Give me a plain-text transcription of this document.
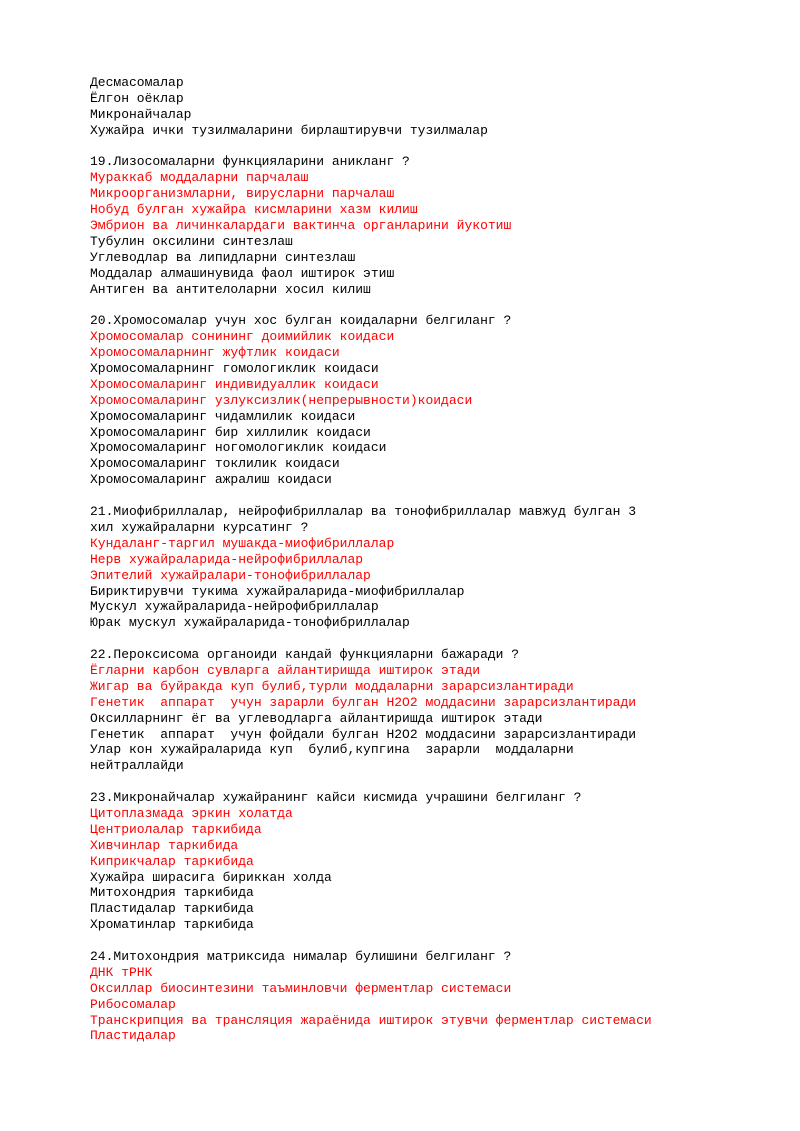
Десмасомалар
Ёлгон оёклар
Микронайчалар
Хужайра ички тузилмаларини бирлаштирувчи тузилмалар
19.Лизосомаларни функцияларини аникланг ?
Мураккаб моддаларни парчалаш
Микроорганизмларни, вирусларни парчалаш
Нобуд булган хужайра кисмларини хазм килиш
Эмбрион ва личинкалардаги вактинча органларини йукотиш
Тубулин оксилини синтезлаш
Углеводлар ва липидларни синтезлаш
Моддалар алмашинувида фаол иштирок этиш
Антиген ва антителоларни хосил килиш
20.Хромосомалар учун хос булган коидаларни белгиланг ?
Хромосомалар сонининг доимийлик коидаси
Хромосомаларнинг жуфтлик коидаси
Хромосомаларнинг гомологиклик коидаси
Хромосомаларинг индивидуаллик коидаси
Хромосомаларинг узлуксизлик(непрерывности)коидаси
Хромосомаларинг чидамлилик коидаси
Хромосомаларинг бир хиллилик коидаси
Хромосомаларинг ногомологиклик коидаси
Хромосомаларинг токлилик коидаси
Хромосомаларинг ажралиш коидаси
21.Миофибриллалар, нейрофибриллалар ва тонофибриллалар мавжуд булган 3
хил хужайраларни курсатинг ?
Кундаланг-таргил мушакда-миофибриллалар
Нерв хужайраларида-нейрофибриллалар
Эпителий хужайралари-тонофибриллалар
Бириктирувчи тукима хужайраларида-миофибриллалар
Мускул хужайраларида-нейрофибриллалар
Юрак мускул хужайраларида-тонофибриллалар
22.Пероксисома органоиди кандай функцияларни бажаради ?
Ёгларни карбон сувларга айлантиришда иштирок этади
Жигар ва буйракда куп булиб,турли моддаларни зарарсизлантиради
Генетик  аппарат  учун зарарли булган H2O2 моддасини зарарсизлантиради
Оксилларнинг ёг ва углеводларга айлантиришда иштирок этади
Генетик  аппарат  учун фойдали булган H2O2 моддасини зарарсизлантиради
Улар кон хужайраларида куп  булиб,купгина  зарарли  моддаларни
нейтраллайди
23.Микронайчалар хужайранинг кайси кисмида учрашини белгиланг ?
Цитоплазмада эркин холатда
Центриолалар таркибида
Хивчинлар таркибида
Киприкчалар таркибида
Хужайра ширасига бириккан холда
Митохондрия таркибида
Пластидалар таркибида
Хроматинлар таркибида
24.Митохондрия матриксида нималар булишини белгиланг ?
ДНК тРНК
Оксиллар биосинтезини таъминловчи ферментлар системаси
Рибосомалар
Транскрипция ва трансляция жараёнида иштирок этувчи ферментлар системаси
Пластидалар
